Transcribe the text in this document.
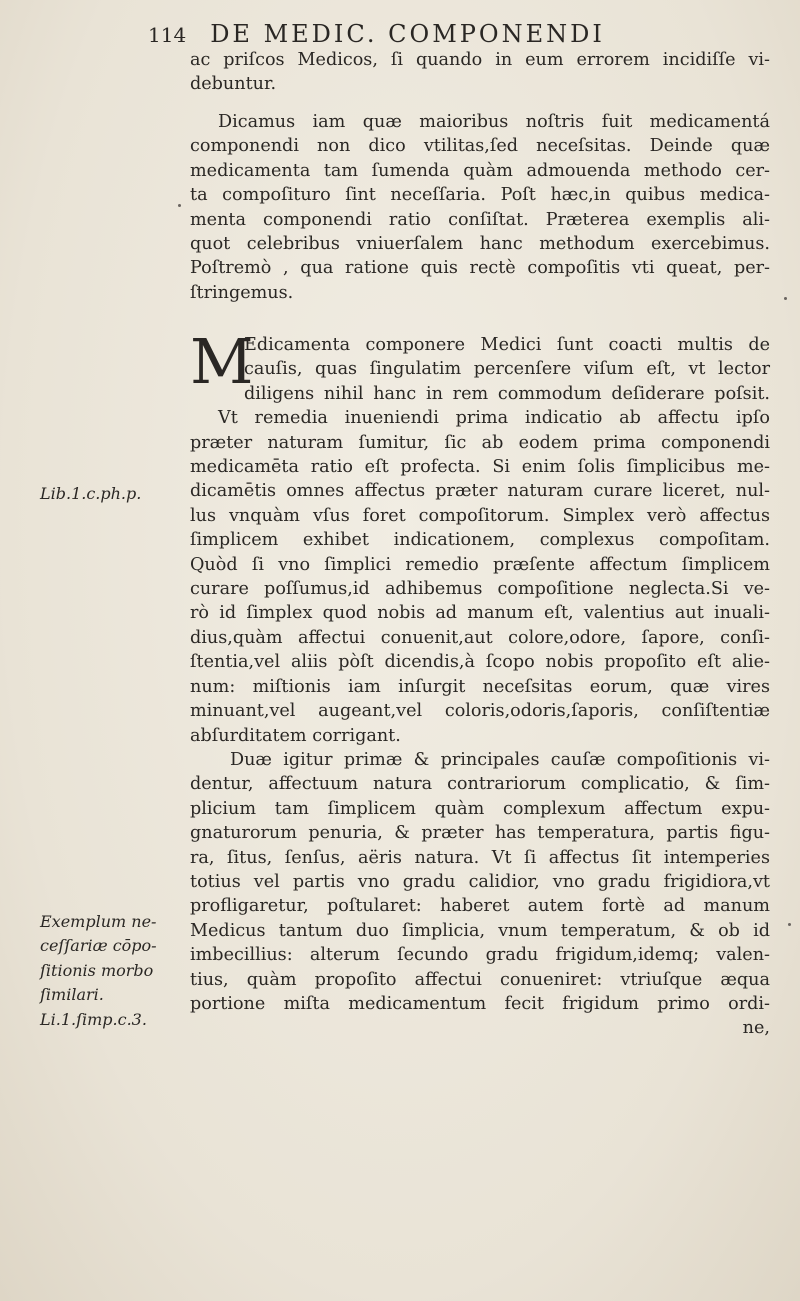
114 DE MEDIC. COMPONENDI
ac priſcos Medicos, ſi quando in eum errorem incidiſſe vi-
debuntur.
Dicamus iam quæ maioribus noſtris fuit medicamentá
componendi non dico vtilitas,ſed neceſsitas. Deinde quæ
medicamenta tam ſumenda quàm admouenda methodo cer-
ta compoſituro ſint neceſſaria. Poſt hæc,in quibus medica-
menta componendi ratio conſiſtat. Præterea exemplis ali-
quot celebribus vniuerſalem hanc methodum exercebimus.
Poſtremò , qua ratione quis rectè compoſitis vti queat, per-
ſtringemus.
M
Edicamenta componere Medici ſunt coacti multis de
cauſis, quas ſingulatim percenſere viſum eſt, vt lector
diligens nihil hanc in rem commodum deſiderare poſsit.
Vt remedia inueniendi prima indicatio ab affectu ipſo
præter naturam ſumitur, ſic ab eodem prima componendi
medicamēta ratio eſt profecta. Si enim ſolis ſimplicibus me-
dicamētis omnes affectus præter naturam curare liceret, nul-
lus vnquàm vſus foret compoſitorum. Simplex verò affectus
ſimplicem exhibet indicationem, complexus compoſitam.
Quòd ſi vno ſimplici remedio præſente affectum ſimplicem
curare poſſumus,id adhibemus compoſitione neglecta.Si ve-
rò id ſimplex quod nobis ad manum eſt, valentius aut inuali-
dius,quàm affectui conuenit,aut colore,odore, ſapore, conſi-
ſtentia,vel aliis pòſt dicendis,à ſcopo nobis propoſito eſt alie-
num: miſtionis iam inſurgit neceſsitas eorum, quæ vires
minuant,vel augeant,vel coloris,odoris,ſaporis, conſiſtentiæ
abſurditatem corrigant.
Duæ igitur primæ & principales cauſæ compoſitionis vi-
dentur, affectuum natura contrariorum complicatio, & ſim-
plicium tam ſimplicem quàm complexum affectum expu-
gnaturorum penuria, & præter has temperatura, partis figu-
ra, ſitus, ſenſus, aëris natura. Vt ſi affectus ſit intemperies
totius vel partis vno gradu calidior, vno gradu frigidiora,vt
profligaretur, poſtularet: haberet autem fortè ad manum
Medicus tantum duo ſimplicia, vnum temperatum, & ob id
imbecillius: alterum ſecundo gradu frigidum,idemq; valen-
tius, quàm propoſito affectui conueniret: vtriuſque æqua
portione miſta medicamentum fecit frigidum primo ordi-
ne,
Lib.1.c.ph.p.
Exemplum ne-
ceſſariæ cōpo-
ſitionis morbo
ſimilari.
Li.1.ſimp.c.3.
